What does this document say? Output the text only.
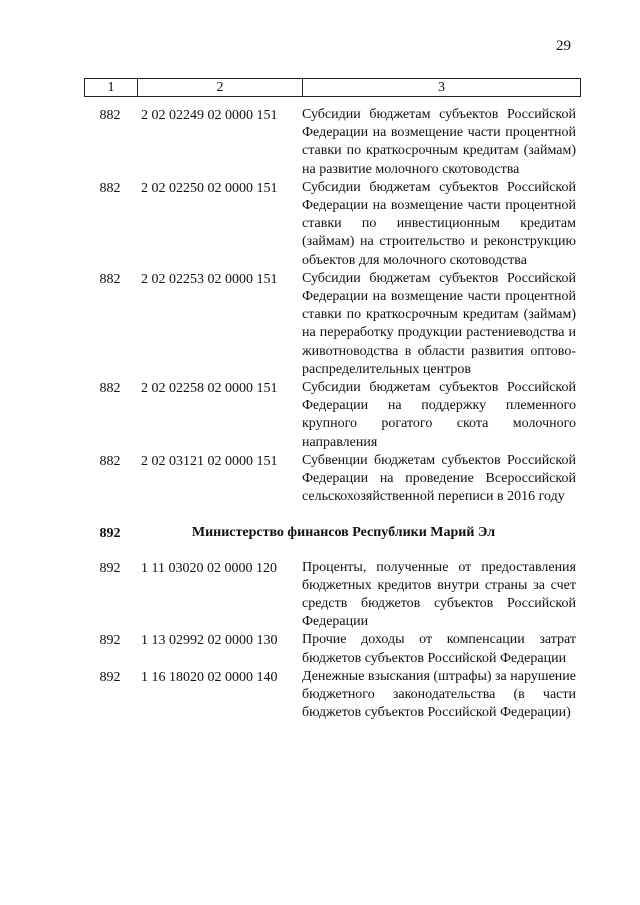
29
1	2	3
882	2 02 02249 02 0000 151	Субсидии бюджетам субъектов Российской Федерации на возмещение части процентной ставки по краткосрочным кредитам (займам) на развитие молочного скотоводства
882	2 02 02250 02 0000 151	Субсидии бюджетам субъектов Российской Федерации на возмещение части процентной ставки по инвестиционным кредитам (займам) на строительство и реконструкцию объектов для молочного скотоводства
882	2 02 02253 02 0000 151	Субсидии бюджетам субъектов Российской Федерации на возмещение части процентной ставки по краткосрочным кредитам (займам) на переработку продукции растениеводства и животноводства в области развития оптово-распределительных центров
882	2 02 02258 02 0000 151	Субсидии бюджетам субъектов Российской Федерации на поддержку племенного крупного рогатого скота молочного направления
882	2 02 03121 02 0000 151	Субвенции бюджетам субъектов Российской Федерации на проведение Всероссийской сельскохозяйственной переписи в 2016 году
892	Министерство финансов Республики Марий Эл
892	1 11 03020 02 0000 120	Проценты, полученные от предоставления бюджетных кредитов внутри страны за счет средств бюджетов субъектов Российской Федерации
892	1 13 02992 02 0000 130	Прочие доходы от компенсации затрат бюджетов субъектов Российской Федерации
892	1 16 18020 02 0000 140	Денежные взыскания (штрафы) за нарушение бюджетного законодательства (в части бюджетов субъектов Российской Федерации)
